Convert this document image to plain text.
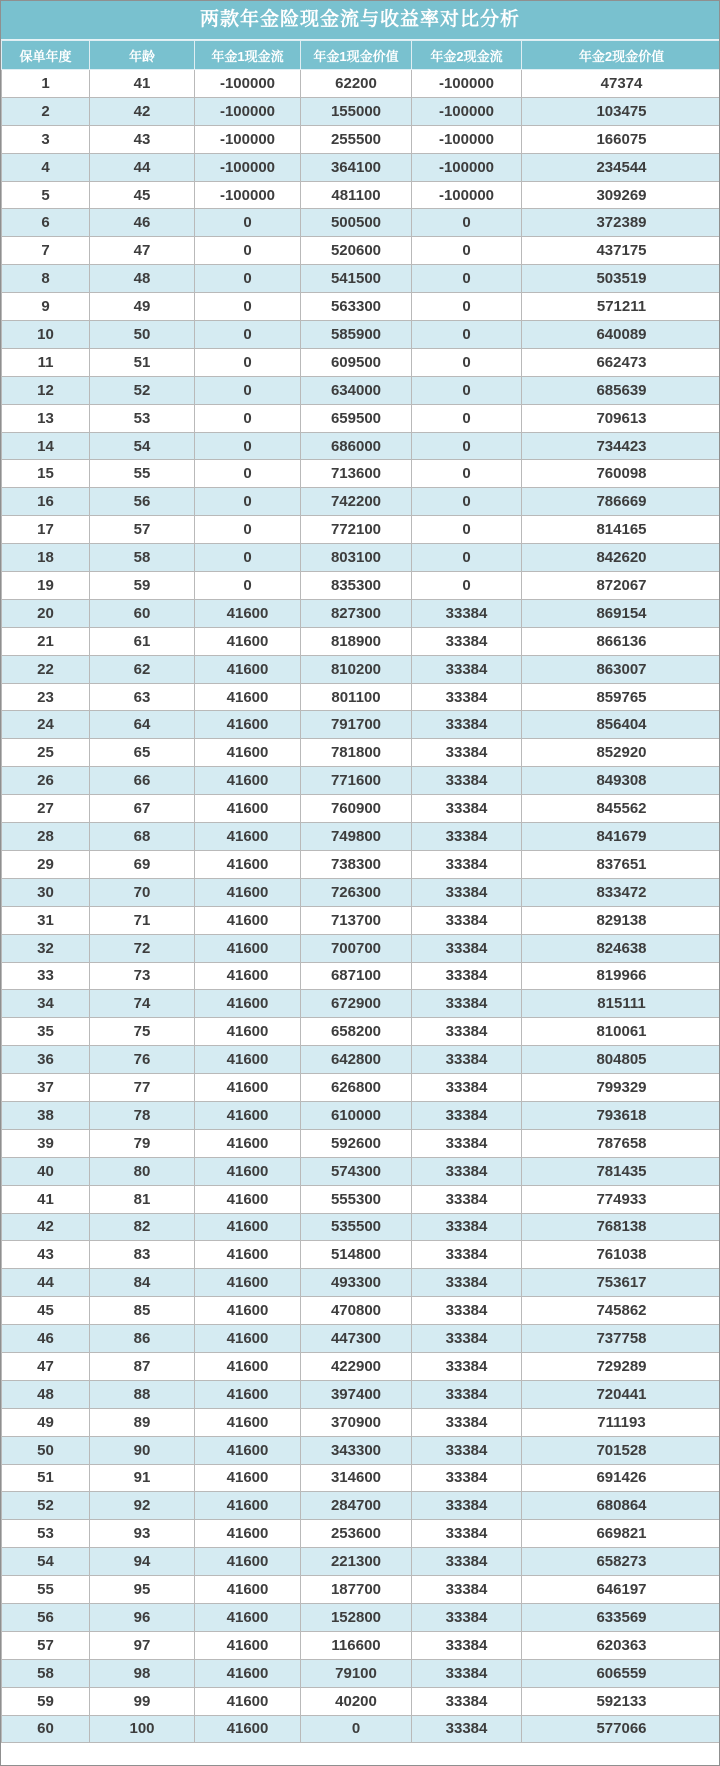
两款年金险现金流与收益率对比分析
保单年度	年龄	年金1现金流	年金1现金价值	年金2现金流	年金2现金价值
1	41	-100000	62200	-100000	47374
2	42	-100000	155000	-100000	103475
3	43	-100000	255500	-100000	166075
4	44	-100000	364100	-100000	234544
5	45	-100000	481100	-100000	309269
6	46	0	500500	0	372389
7	47	0	520600	0	437175
8	48	0	541500	0	503519
9	49	0	563300	0	571211
10	50	0	585900	0	640089
11	51	0	609500	0	662473
12	52	0	634000	0	685639
13	53	0	659500	0	709613
14	54	0	686000	0	734423
15	55	0	713600	0	760098
16	56	0	742200	0	786669
17	57	0	772100	0	814165
18	58	0	803100	0	842620
19	59	0	835300	0	872067
20	60	41600	827300	33384	869154
21	61	41600	818900	33384	866136
22	62	41600	810200	33384	863007
23	63	41600	801100	33384	859765
24	64	41600	791700	33384	856404
25	65	41600	781800	33384	852920
26	66	41600	771600	33384	849308
27	67	41600	760900	33384	845562
28	68	41600	749800	33384	841679
29	69	41600	738300	33384	837651
30	70	41600	726300	33384	833472
31	71	41600	713700	33384	829138
32	72	41600	700700	33384	824638
33	73	41600	687100	33384	819966
34	74	41600	672900	33384	815111
35	75	41600	658200	33384	810061
36	76	41600	642800	33384	804805
37	77	41600	626800	33384	799329
38	78	41600	610000	33384	793618
39	79	41600	592600	33384	787658
40	80	41600	574300	33384	781435
41	81	41600	555300	33384	774933
42	82	41600	535500	33384	768138
43	83	41600	514800	33384	761038
44	84	41600	493300	33384	753617
45	85	41600	470800	33384	745862
46	86	41600	447300	33384	737758
47	87	41600	422900	33384	729289
48	88	41600	397400	33384	720441
49	89	41600	370900	33384	711193
50	90	41600	343300	33384	701528
51	91	41600	314600	33384	691426
52	92	41600	284700	33384	680864
53	93	41600	253600	33384	669821
54	94	41600	221300	33384	658273
55	95	41600	187700	33384	646197
56	96	41600	152800	33384	633569
57	97	41600	116600	33384	620363
58	98	41600	79100	33384	606559
59	99	41600	40200	33384	592133
60	100	41600	0	33384	577066
